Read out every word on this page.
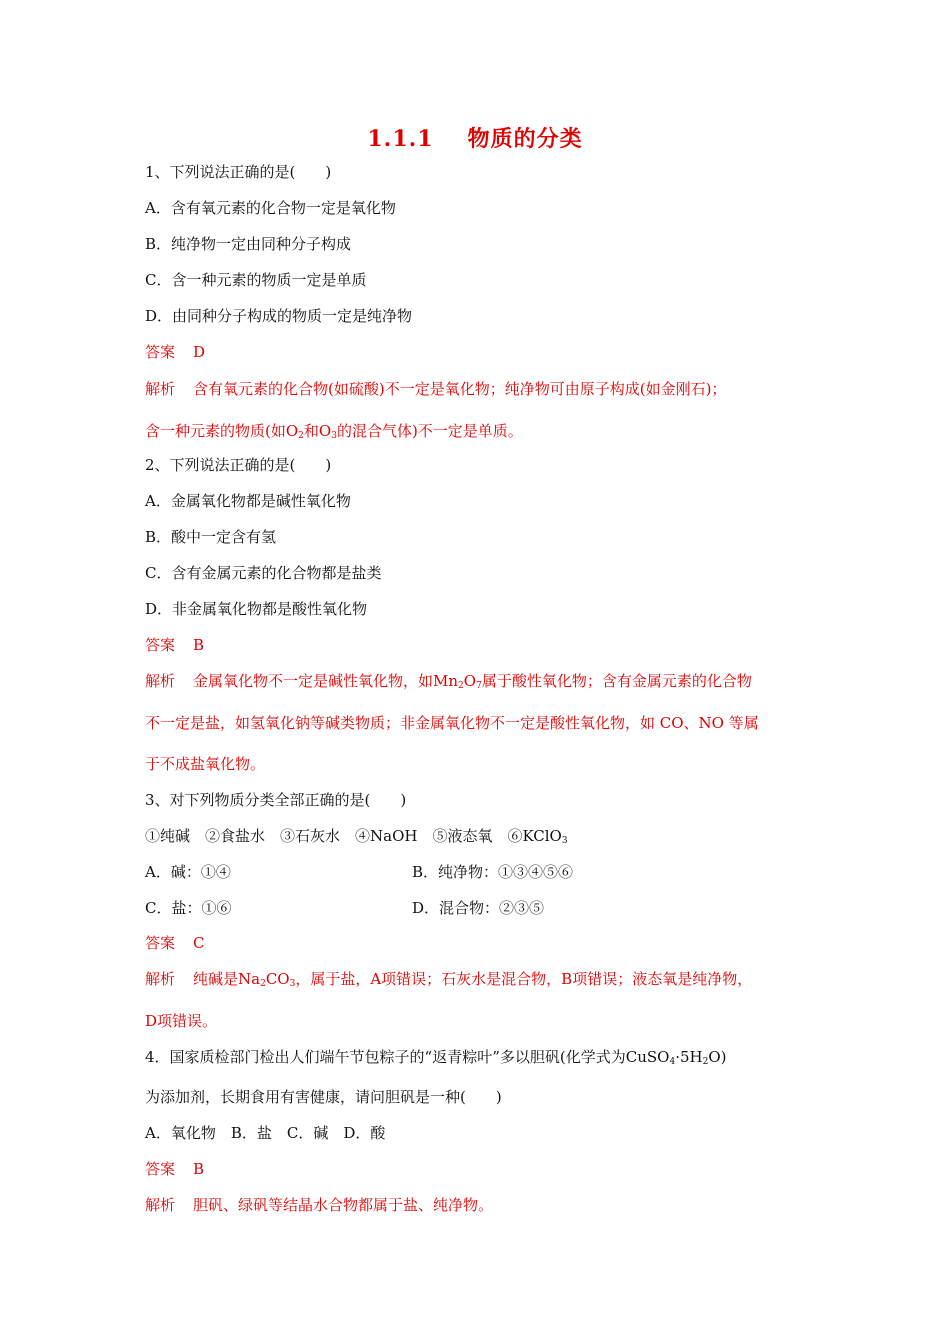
1.1.1 物质的分类
1、下列说法正确的是(　　)
A．含有氧元素的化合物一定是氧化物
B．纯净物一定由同种分子构成
C．含一种元素的物质一定是单质
D．由同种分子构成的物质一定是纯净物
答案 D
解析 含有氧元素的化合物(如硫酸)不一定是氧化物；纯净物可由原子构成(如金刚石)；
含一种元素的物质(如$O_2$和$O_3$的混合气体)不一定是单质。
2、下列说法正确的是(　　)
A．金属氧化物都是碱性氧化物
B．酸中一定含有氢
C．含有金属元素的化合物都是盐类
D．非金属氧化物都是酸性氧化物
答案 B
解析 金属氧化物不一定是碱性氧化物，如$Mn_2O_7$属于酸性氧化物；含有金属元素的化合物
不一定是盐，如氢氧化钠等碱类物质；非金属氧化物不一定是酸性氧化物，如 CO、NO 等属
于不成盐氧化物。
3、对下列物质分类全部正确的是(　　)
①纯碱　②食盐水　③石灰水　④NaOH　⑤液态氧　⑥KClO$_3$
A．碱：①④	B．纯净物：①③④⑤⑥
C．盐：①⑥	D．混合物：②③⑤
答案 C
解析 纯碱是$Na_2CO_3$，属于盐，A项错误；石灰水是混合物，B项错误；液态氧是纯净物，
D项错误。
4．国家质检部门检出人们端午节包粽子的“返青粽叶”多以胆矾(化学式为$CuSO_4\cdot 5H_2O$)
为添加剂，长期食用有害健康，请问胆矾是一种(　　)
A．氧化物　B．盐　C．碱　D．酸
答案 B
解析 胆矾、绿矾等结晶水合物都属于盐、纯净物。
